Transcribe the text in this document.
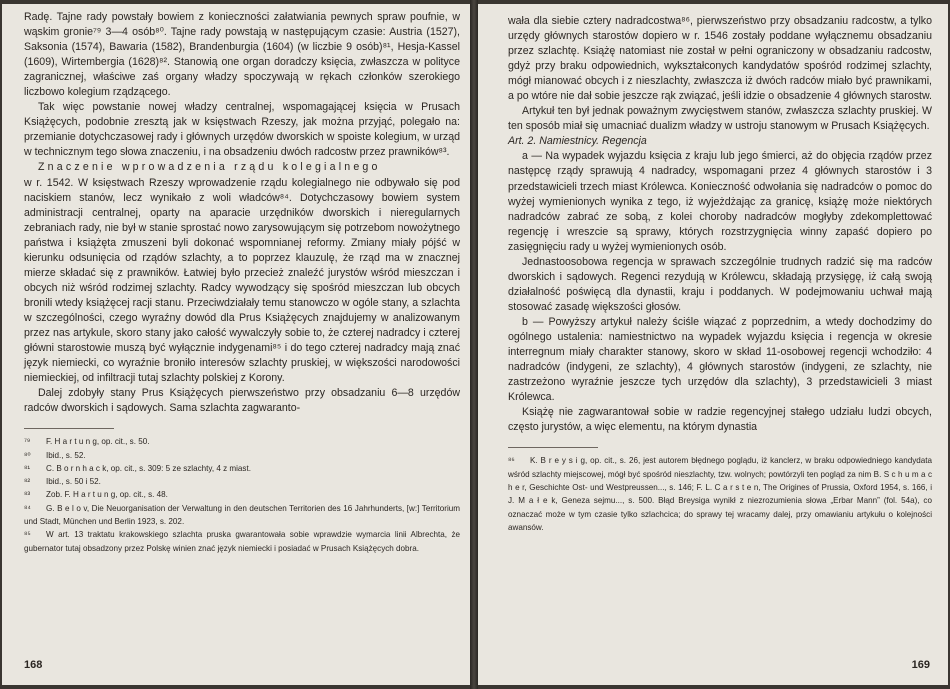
Radę. Tajne rady powstały bowiem z konieczności załatwiania pewnych spraw poufnie, w wąskim gronie⁷⁹ 3—4 osób⁸⁰. Tajne rady powstają w następującym czasie: Austria (1527), Saksonia (1574), Bawaria (1582), Brandenburgia (1604) (w liczbie 9 osób)⁸¹, Hesja-Kassel (1609), Wirtembergia (1628)⁸². Stanowią one organ doradczy księcia, zwłaszcza w polityce zagranicznej, właściwe zaś organy władzy spoczywają w rękach członków szerokiego liczbowo kolegium rządzącego.

Tak więc powstanie nowej władzy centralnej, wspomagającej księcia w Prusach Książęcych, podobnie zresztą jak w księstwach Rzeszy, jak można przyjąć, polegało na: przemianie dotychczasowej rady i głównych urzędów dworskich w spoiste kolegium, w urząd w technicznym tego słowa znaczeniu, i na obsadzeniu dwóch radcostw przez prawników⁸³.

Znaczenie wprowadzenia rządu kolegialnego

w r. 1542. W księstwach Rzeszy wprowadzenie rządu kolegialnego nie odbywało się pod naciskiem stanów, lecz wynikało z woli władców⁸⁴. Dotychczasowy bowiem system administracji centralnej, oparty na aparacie urzędników dworskich i nieregularnych zebraniach rady, nie był w stanie sprostać nowo zarysowującym się potrzebom nowożytnego państwa i książęta zmuszeni byli dokonać wspomnianej reformy. Zmiany miały pójść w kierunku odsunięcia od rządów szlachty, a to poprzez klauzulę, że rząd ma w znacznej mierze składać się z prawników. Łatwiej było przecież znaleźć jurystów wśród mieszczan i obcych niż wśród rodzimej szlachty. Radcy wywodzący się spośród mieszczan lub obcych bronili wtedy książęcej racji stanu. Przeciwdziałały temu stanowczo w ogóle stany, a szlachta w szczególności, czego wyraźny dowód dla Prus Książęcych znajdujemy w analizowanym przez nas artykule, skoro stany jako całość wywalczyły sobie to, że czterej nadradcy i czterej główni starostowie muszą być wyłącznie indygenami⁸⁵ i do tego czterej nadradcy mają znać język niemiecki, co wyraźnie broniło interesów szlachty pruskiej, w większości narodowości niemieckiej, od infiltracji tutaj szlachty polskiej z Korony.

Dalej zdobyły stany Prus Książęcych pierwszeństwo przy obsadzaniu 6—8 urzędów radców dworskich i sądowych. Sama szlachta zagwaranto-

⁷⁹ F. H a r t u n g, op. cit., s. 50.

⁸⁰ Ibid., s. 52.

⁸¹ C. B o r n h a c k, op. cit., s. 309: 5 ze szlachty, 4 z miast.

⁸² Ibid., s. 50 i 52.

⁸³ Zob. F. H a r t u n g, op. cit., s. 48.

⁸⁴ G. B e l o v, Die Neuorganisation der Verwaltung in den deutschen Territorien des 16 Jahrhunderts, [w:] Territorium und Stadt, München und Berlin 1923, s. 202.

⁸⁵ W art. 13 traktatu krakowskiego szlachta pruska gwarantowała sobie wprawdzie wymarcia linii Albrechta, że gubernator tutaj obsadzony przez Polskę winien znać język niemiecki i posiadać w Prusach Książęcych dobra.

168

wała dla siebie cztery nadradcostwa⁸⁶, pierwszeństwo przy obsadzaniu radcostw, a tylko urzędy głównych starostów dopiero w r. 1546 zostały poddane wyłącznemu obsadzaniu przez szlachtę. Książę natomiast nie został w pełni ograniczony w obsadzaniu radcostw, gdyż przy braku odpowiednich, wykształconych kandydatów spośród rodzimej szlachty, mógł mianować obcych i z nieszlachty, zwłaszcza iż dwóch radców miało być prawnikami, a po wtóre nie dał sobie jeszcze rąk związać, jeśli idzie o obsadzenie 4 głównych starostw.

Artykuł ten był jednak poważnym zwycięstwem stanów, zwłaszcza szlachty pruskiej. W ten sposób miał się umacniać dualizm władzy w ustroju stanowym w Prusach Książęcych.

Art. 2. Namiestnicy. Regencja

a — Na wypadek wyjazdu księcia z kraju lub jego śmierci, aż do objęcia rządów przez następcę rządy sprawują 4 nadradcy, wspomagani przez 4 głównych starostów i 3 przedstawicieli trzech miast Królewca. Konieczność odwołania się nadradców o pomoc do wyżej wymienionych wynika z tego, iż wyjeżdżając za granicę, książę może niektórych nadradców zabrać ze sobą, z kolei choroby nadradców mogłyby zdekomplettować regencję i wreszcie są sprawy, których rozstrzygnięcia winny zapaść dopiero po zasięgnięciu rady u wyżej wymienionych osób.

Jednastoosobowa regencja w sprawach szczególnie trudnych radzić się ma radców dworskich i sądowych. Regenci rezydują w Królewcu, składają przysięgę, iż całą swoją działalność poświęcą dla dynastii, kraju i poddanych. W podejmowaniu uchwał mają stosować zasadę większości głosów.

b — Powyższy artykuł należy ściśle wiązać z poprzednim, a wtedy dochodzimy do ogólnego ustalenia: namiestnictwo na wypadek wyjazdu księcia i regencja w okresie interregnum miały charakter stanowy, skoro w skład 11-osobowej regencji wchodziło: 4 nadradców (indygeni, ze szlachty), 4 głównych starostów (indygeni, ze szlachty, nie zastrzeżono wyraźnie jeszcze tych urzędów dla szlachty), 3 przedstawicieli 3 miast Królewca.

Książę nie zagwarantował sobie w radzie regencyjnej stałego udziału ludzi obcych, często jurystów, a więc elementu, na którym dynastia

⁸⁶ K. B r e y s i g, op. cit., s. 26, jest autorem błędnego poglądu, iż kanclerz, w braku odpowiedniego kandydata wśród szlachty miejscowej, mógł być spośród nieszlachty, tzw. wolnych; powtórzyli ten pogląd za nim B. S c h u m a c h e r, Geschichte Ost- und Westpreussen..., s. 146; F. L. C a r s t e n, The Origines of Prussia, Oxford 1954, s. 166, i J. M a ł e k, Geneza sejmu..., s. 500. Błąd Breysiga wynikł z niezrozumienia słowa „Erbar Mann” (fol. 54a), co oznaczać może w tym czasie tylko szlachcica; do sprawy tej wracamy dalej, przy omawianiu artykułu o kolejności awansów.

169
